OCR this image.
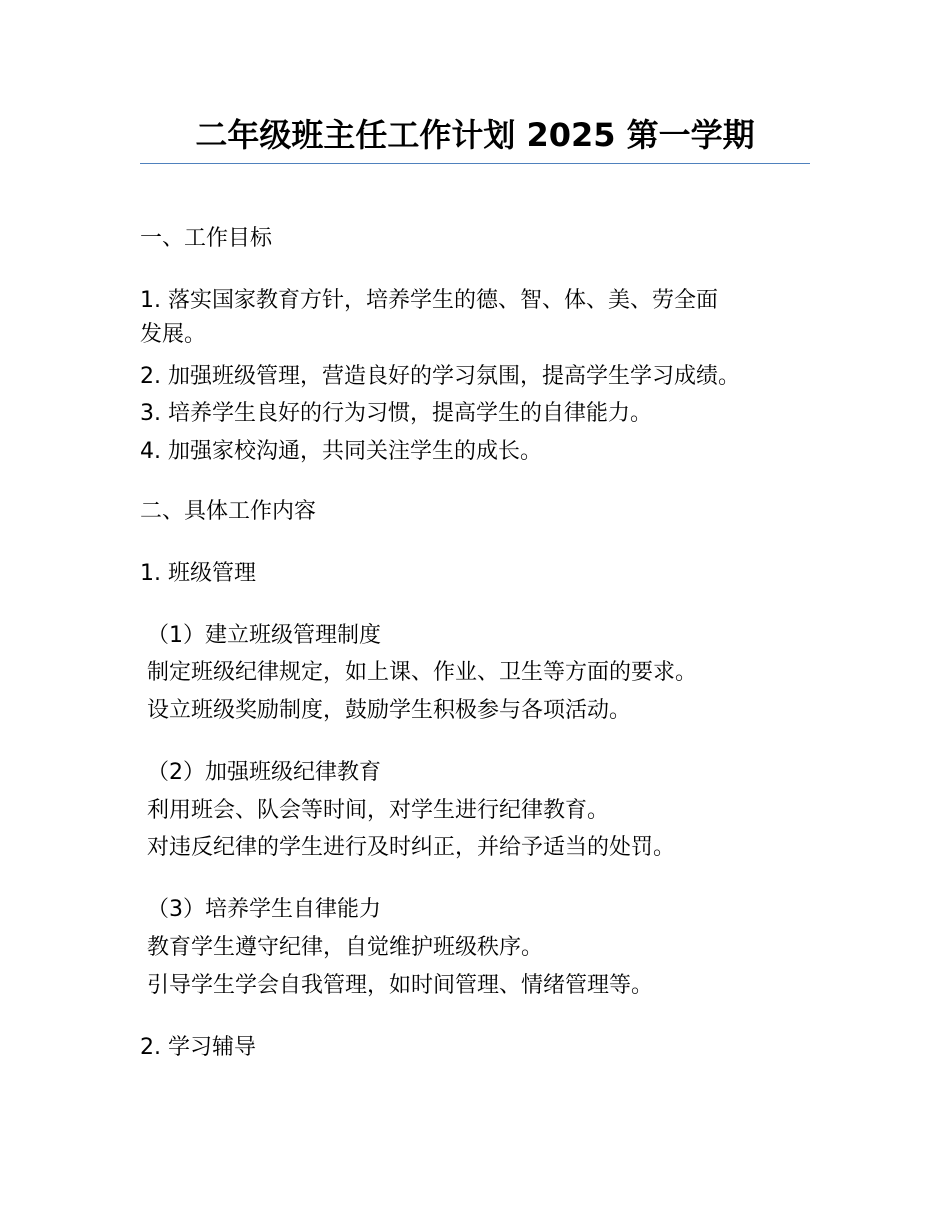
二年级班主任工作计划 2025 第一学期
一、工作目标
1. 落实国家教育方针，培养学生的德、智、体、美、劳全面
发展。
2. 加强班级管理，营造良好的学习氛围，提高学生学习成绩。
3. 培养学生良好的行为习惯，提高学生的自律能力。
4. 加强家校沟通，共同关注学生的成长。
二、具体工作内容
1. 班级管理
（1）建立班级管理制度
制定班级纪律规定，如上课、作业、卫生等方面的要求。
设立班级奖励制度，鼓励学生积极参与各项活动。
（2）加强班级纪律教育
利用班会、队会等时间，对学生进行纪律教育。
对违反纪律的学生进行及时纠正，并给予适当的处罚。
（3）培养学生自律能力
教育学生遵守纪律，自觉维护班级秩序。
引导学生学会自我管理，如时间管理、情绪管理等。
2. 学习辅导
